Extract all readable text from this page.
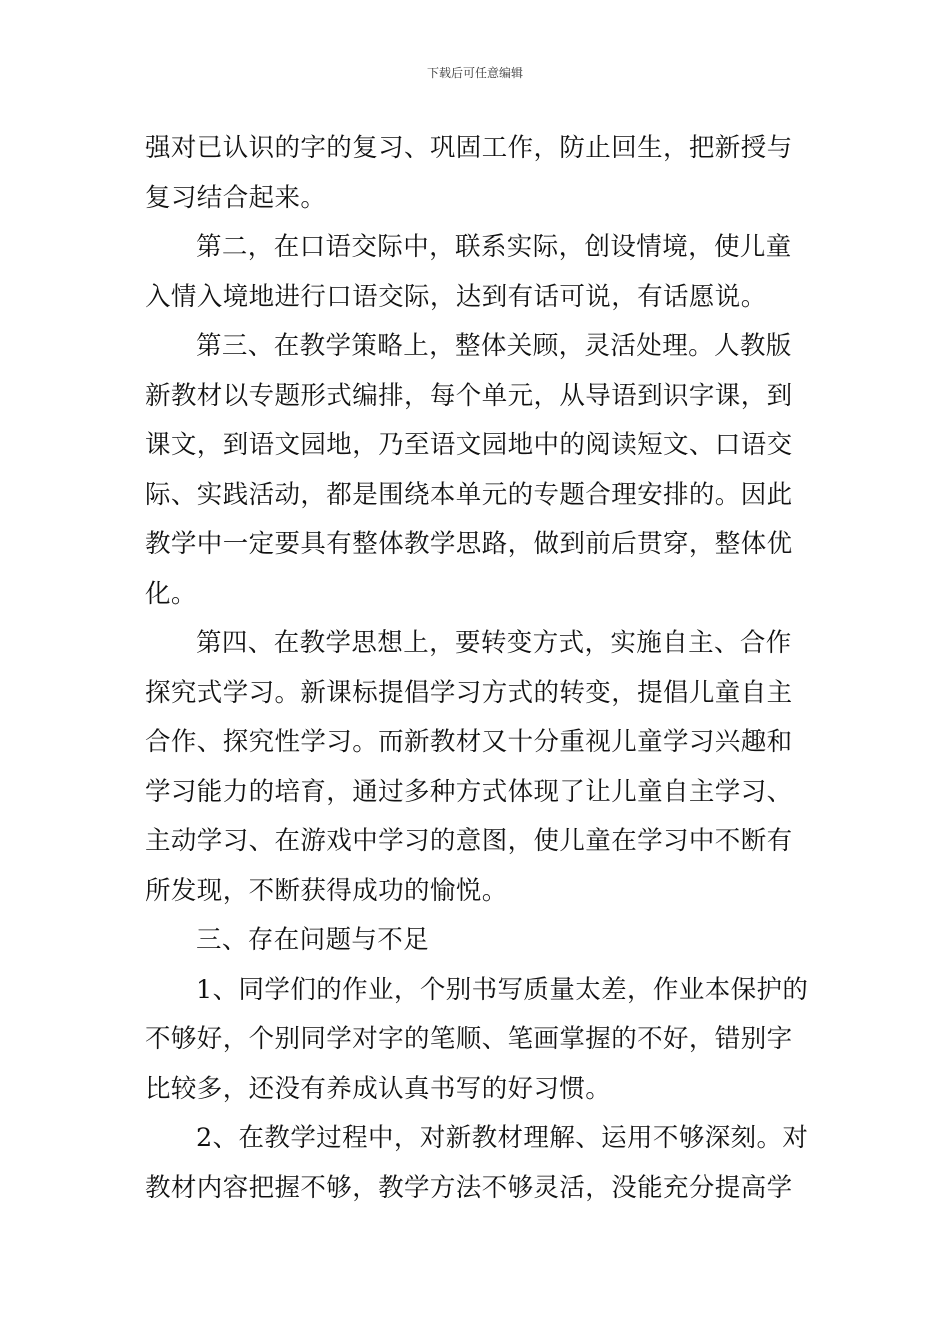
下载后可任意编辑
强对已认识的字的复习、巩固工作，防止回生，把新授与
复习结合起来。
第二，在口语交际中，联系实际，创设情境，使儿童
入情入境地进行口语交际，达到有话可说，有话愿说。
第三、在教学策略上，整体关顾，灵活处理。人教版
新教材以专题形式编排，每个单元，从导语到识字课，到
课文，到语文园地，乃至语文园地中的阅读短文、口语交
际、实践活动，都是围绕本单元的专题合理安排的。因此
教学中一定要具有整体教学思路，做到前后贯穿，整体优
化。
第四、在教学思想上，要转变方式，实施自主、合作
探究式学习。新课标提倡学习方式的转变，提倡儿童自主
合作、探究性学习。而新教材又十分重视儿童学习兴趣和
学习能力的培育，通过多种方式体现了让儿童自主学习、
主动学习、在游戏中学习的意图，使儿童在学习中不断有
所发现，不断获得成功的愉悦。
三、存在问题与不足
1、同学们的作业，个别书写质量太差，作业本保护的
不够好，个别同学对字的笔顺、笔画掌握的不好，错别字
比较多，还没有养成认真书写的好习惯。
2、在教学过程中，对新教材理解、运用不够深刻。对
教材内容把握不够，教学方法不够灵活，没能充分提高学
